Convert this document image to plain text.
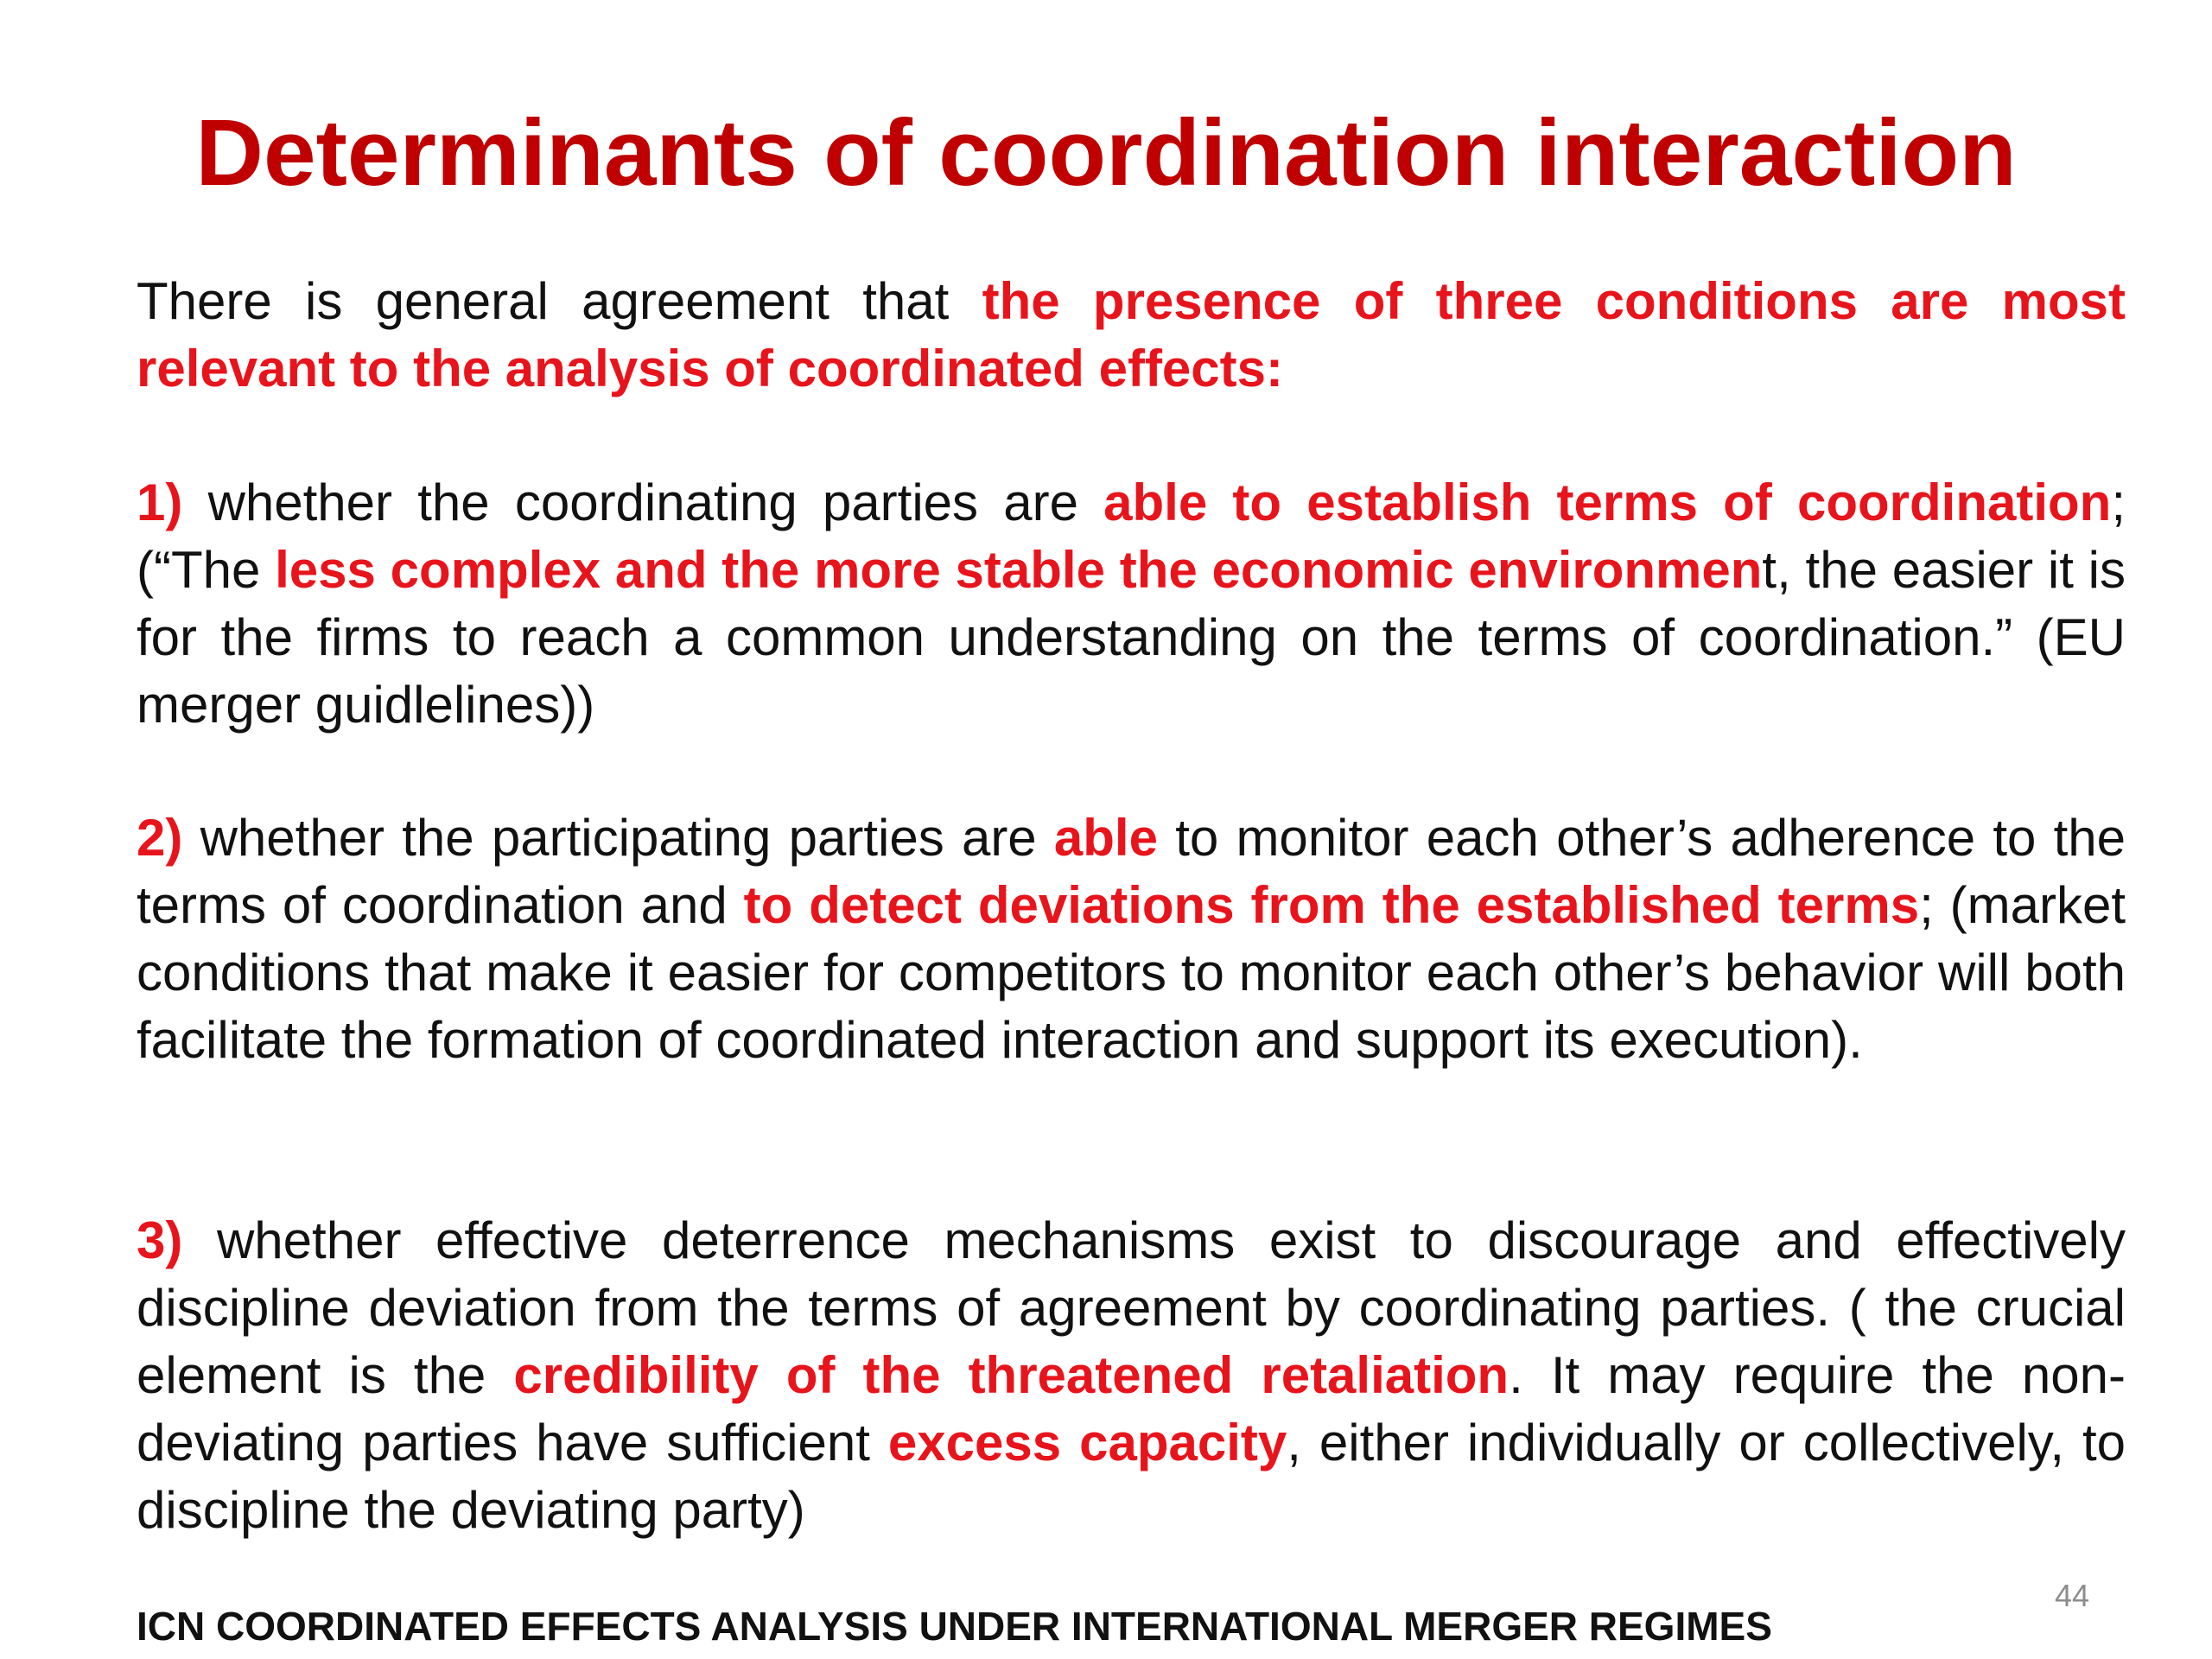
Determinants of coordination interaction

There is general agreement that the presence of three conditions are most relevant to the analysis of coordinated effects:

1) whether the coordinating parties are able to establish terms of coordination; (“The less complex and the more stable the economic environment, the easier it is for the firms to reach a common understanding on the terms of coordination.” (EU merger guidlelines))

2) whether the participating parties are able to monitor each other’s adherence to the terms of coordination and to detect deviations from the established terms; (market conditions that make it easier for competitors to monitor each other’s behavior will both facilitate the formation of coordinated interaction and support its execution).

3) whether effective deterrence mechanisms exist to discourage and effectively discipline deviation from the terms of agreement by coordinating parties. ( the crucial element is the credibility of the threatened retaliation. It may require the non-deviating parties have sufficient excess capacity, either individually or collectively, to discipline the deviating party)

44
ICN COORDINATED EFFECTS ANALYSIS UNDER INTERNATIONAL MERGER REGIMES
